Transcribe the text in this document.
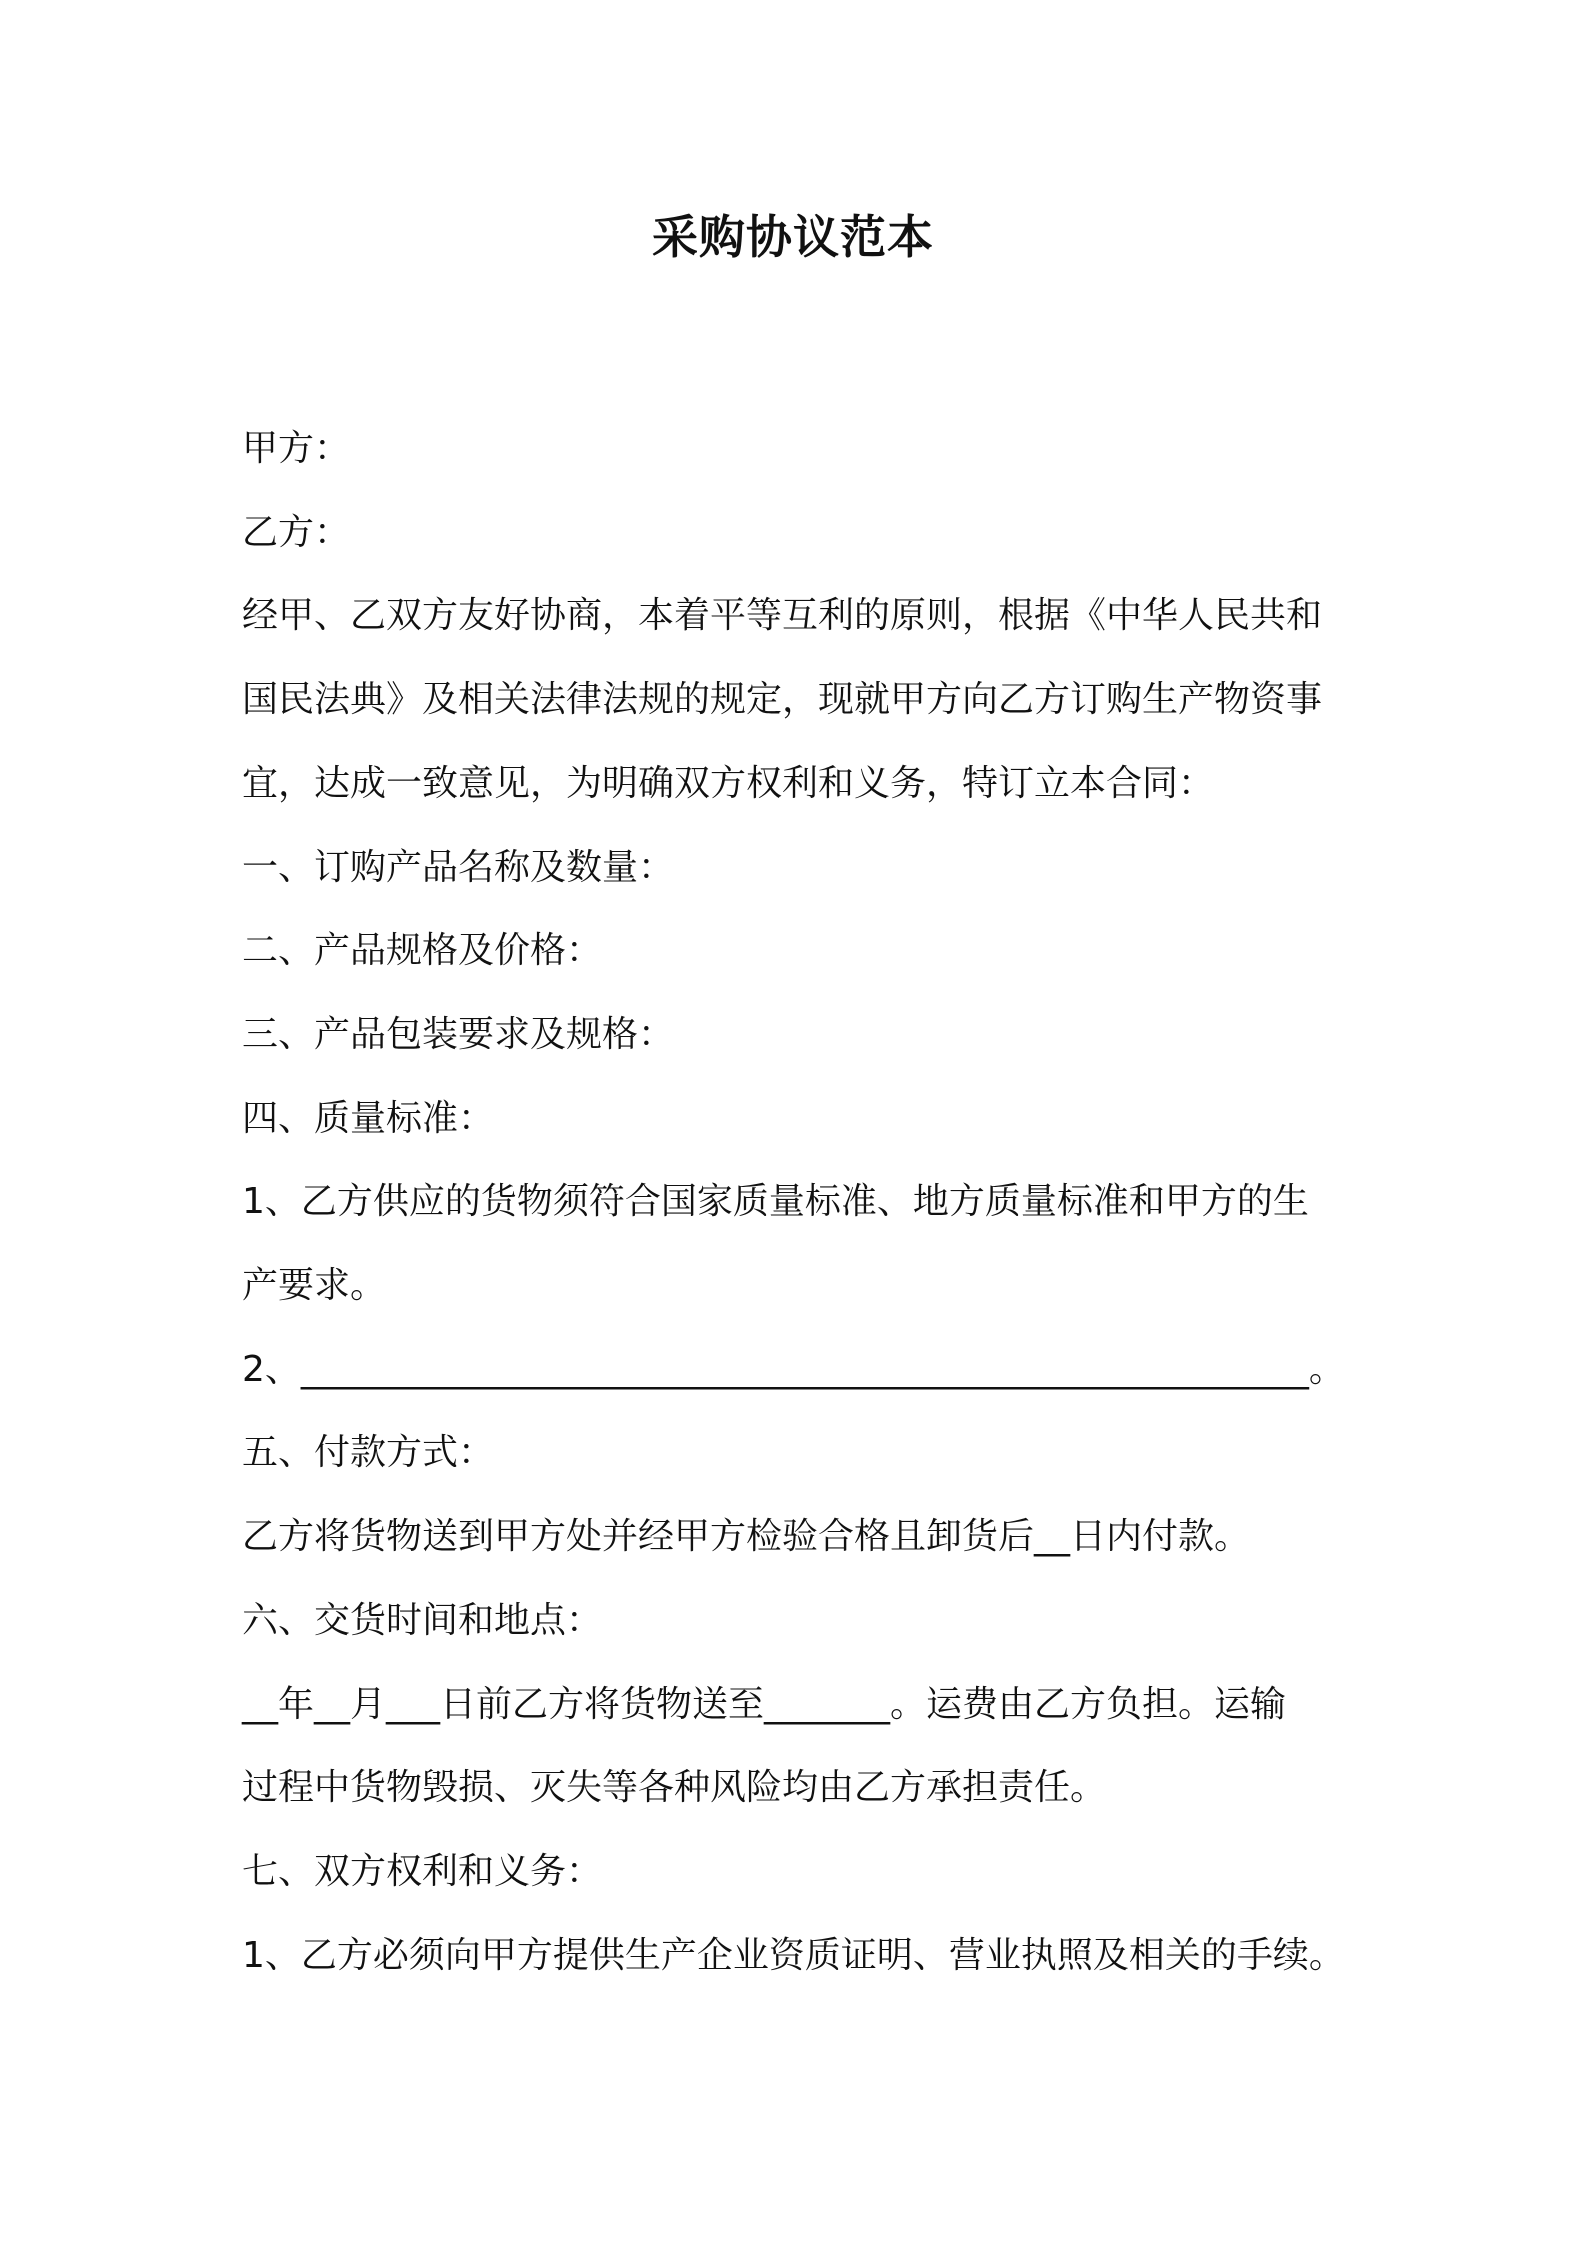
采购协议范本

甲方：

乙方：

经甲、乙双方友好协商，本着平等互利的原则，根据《中华人民共和

国民法典》及相关法律法规的规定，现就甲方向乙方订购生产物资事

宜，达成一致意见，为明确双方权利和义务，特订立本合同：

一、订购产品名称及数量：

二、产品规格及价格：

三、产品包装要求及规格：

四、质量标准：

1、乙方供应的货物须符合国家质量标准、地方质量标准和甲方的生

产要求。

2、________________________________________________________。

五、付款方式：

乙方将货物送到甲方处并经甲方检验合格且卸货后__日内付款。

六、交货时间和地点：

__年__月___日前乙方将货物送至_______。运费由乙方负担。运输

过程中货物毁损、灭失等各种风险均由乙方承担责任。

七、双方权利和义务：

1、乙方必须向甲方提供生产企业资质证明、营业执照及相关的手续。
